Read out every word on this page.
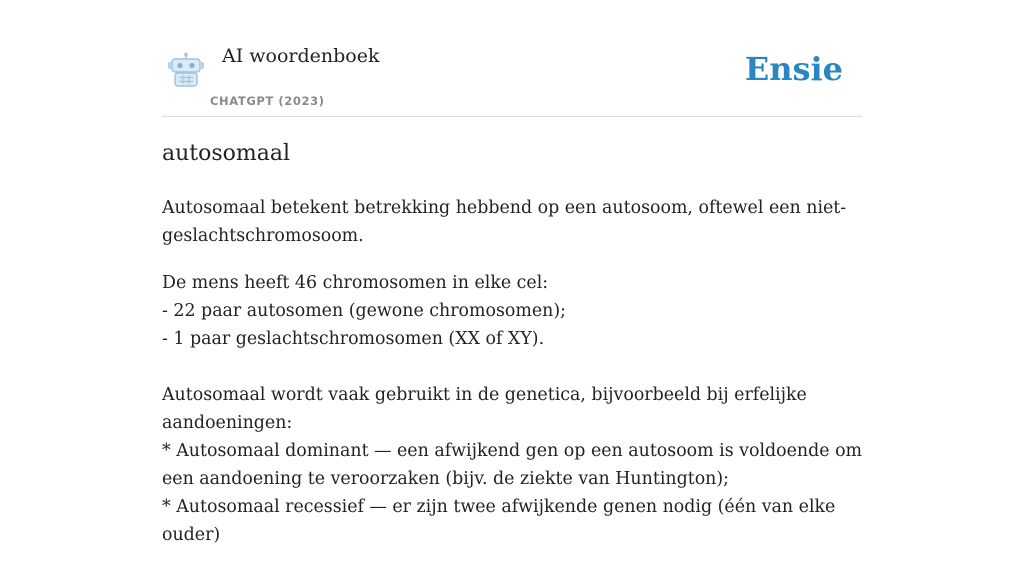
AI woordenboek
CHATGPT (2023)
Ensie
autosomaal

Autosomaal betekent betrekking hebbend op een autosoom, oftewel een niet-geslachtschromosoom.

De mens heeft 46 chromosomen in elke cel:
- 22 paar autosomen (gewone chromosomen);
- 1 paar geslachtschromosomen (XX of XY).

Autosomaal wordt vaak gebruikt in de genetica, bijvoorbeeld bij erfelijke aandoeningen:
* Autosomaal dominant — een afwijkend gen op een autosoom is voldoende om een aandoening te veroorzaken (bijv. de ziekte van Huntington);
* Autosomaal recessief — er zijn twee afwijkende genen nodig (één van elke ouder)
